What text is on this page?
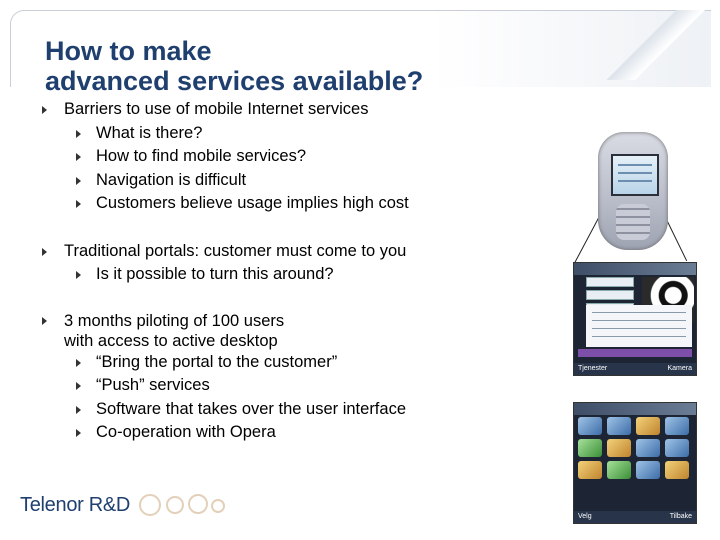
How to make
advanced services available?
Barriers to use of mobile Internet services
What is there?
How to find mobile services?
Navigation is difficult
Customers believe usage implies high cost
Traditional portals: customer must come to you
Is it possible to turn this around?
3 months piloting of 100 users
with access to active desktop
“Bring the portal to the customer”
“Push” services
Software that takes over the user interface
Co-operation with Opera
Tjenester	Kamera
Velg	Tilbake
Telenor R&D
